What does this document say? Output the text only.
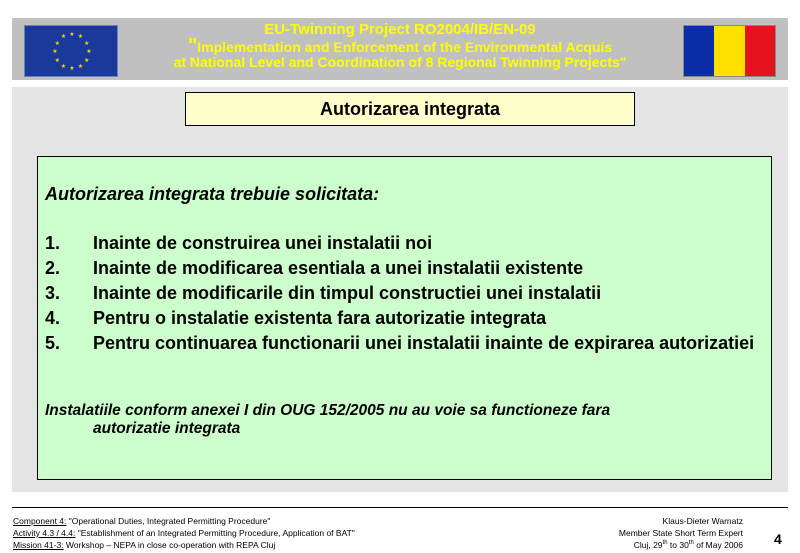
★ ★
★
★
★
★
★
★
★
★
★
★	EU-Twinning Project RO2004/IB/EN-09
"Implementation and Enforcement of the Environmental Acquis
at National Level and Coordination of 8 Regional Twinning Projects"
Autorizarea integrata
Autorizarea integrata trebuie solicitata:
1.	Inainte de construirea unei instalatii noi
2.	Inainte de modificarea esentiala a unei instalatii existente
3.	Inainte de modificarile din timpul constructiei unei instalatii
4.	Pentru o instalatie existenta fara autorizatie integrata
5.	Pentru continuarea functionarii unei instalatii inainte de expirarea autorizatiei
Instalatiile conform anexei I din OUG 152/2005 nu au voie sa functioneze fara
autorizatie integrata
Component 4: "Operational Duties, Integrated Permitting Procedure"
Activity 4.3 / 4.4: "Establishment of an Integrated Permitting Procedure, Application of BAT"
Mission 41-3: Workshop – NEPA in close co-operation with REPA Cluj
Klaus-Dieter Warnatz
Member State Short Term Expert
Cluj, 29th to 30th of May 2006 4
